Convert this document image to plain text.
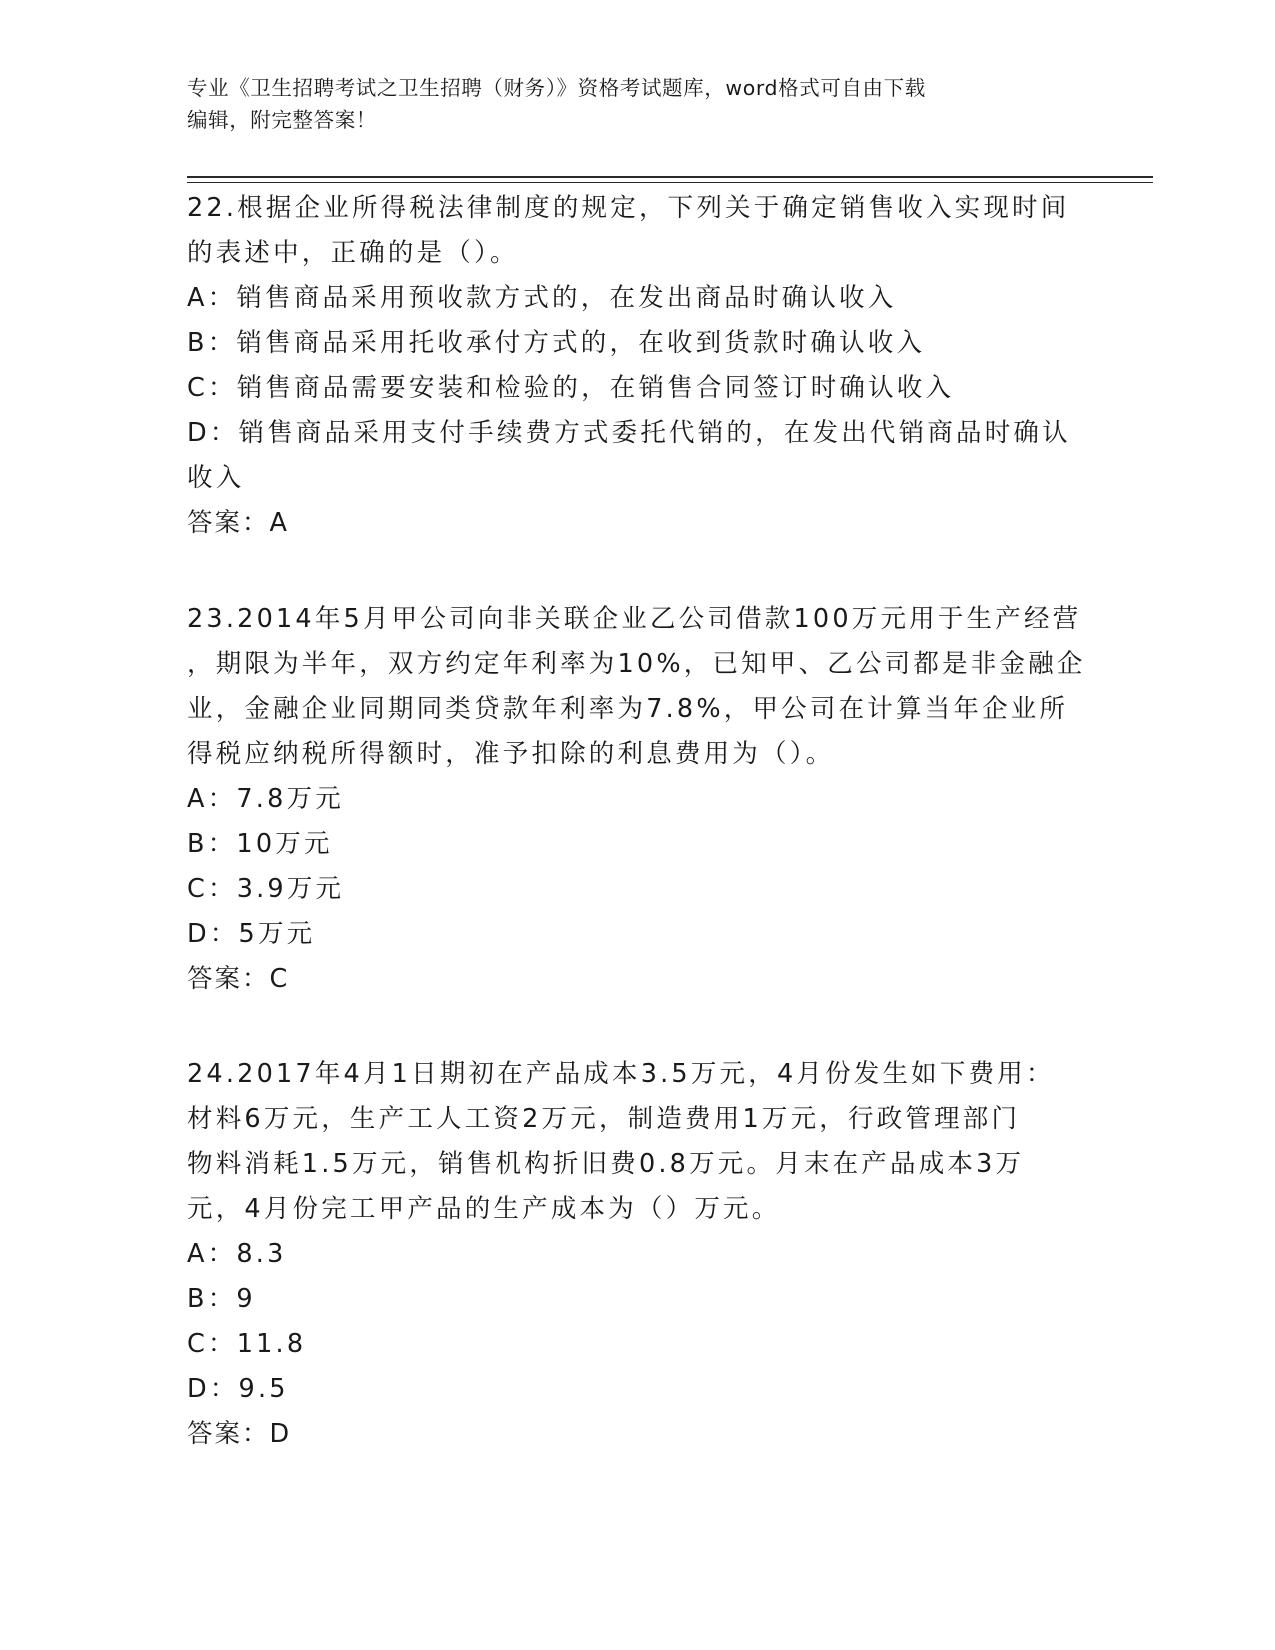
专业《卫生招聘考试之卫生招聘（财务）》资格考试题库，word格式可自由下载
编辑，附完整答案！

22.根据企业所得税法律制度的规定，下列关于确定销售收入实现时间

的表述中，正确的是（）。

A：销售商品采用预收款方式的，在发出商品时确认收入

B：销售商品采用托收承付方式的，在收到货款时确认收入

C：销售商品需要安装和检验的，在销售合同签订时确认收入

D：销售商品采用支付手续费方式委托代销的，在发出代销商品时确认

收入

答案：A

23.2014年5月甲公司向非关联企业乙公司借款100万元用于生产经营

，期限为半年，双方约定年利率为10%，已知甲、乙公司都是非金融企

业，金融企业同期同类贷款年利率为7.8%，甲公司在计算当年企业所

得税应纳税所得额时，准予扣除的利息费用为（）。

A：7.8万元

B：10万元

C：3.9万元

D：5万元

答案：C

24.2017年4月1日期初在产品成本3.5万元，4月份发生如下费用：

材料6万元，生产工人工资2万元，制造费用1万元，行政管理部门

物料消耗1.5万元，销售机构折旧费0.8万元。月末在产品成本3万

元，4月份完工甲产品的生产成本为（）万元。

A：8.3

B：9

C：11.8

D：9.5

答案：D
